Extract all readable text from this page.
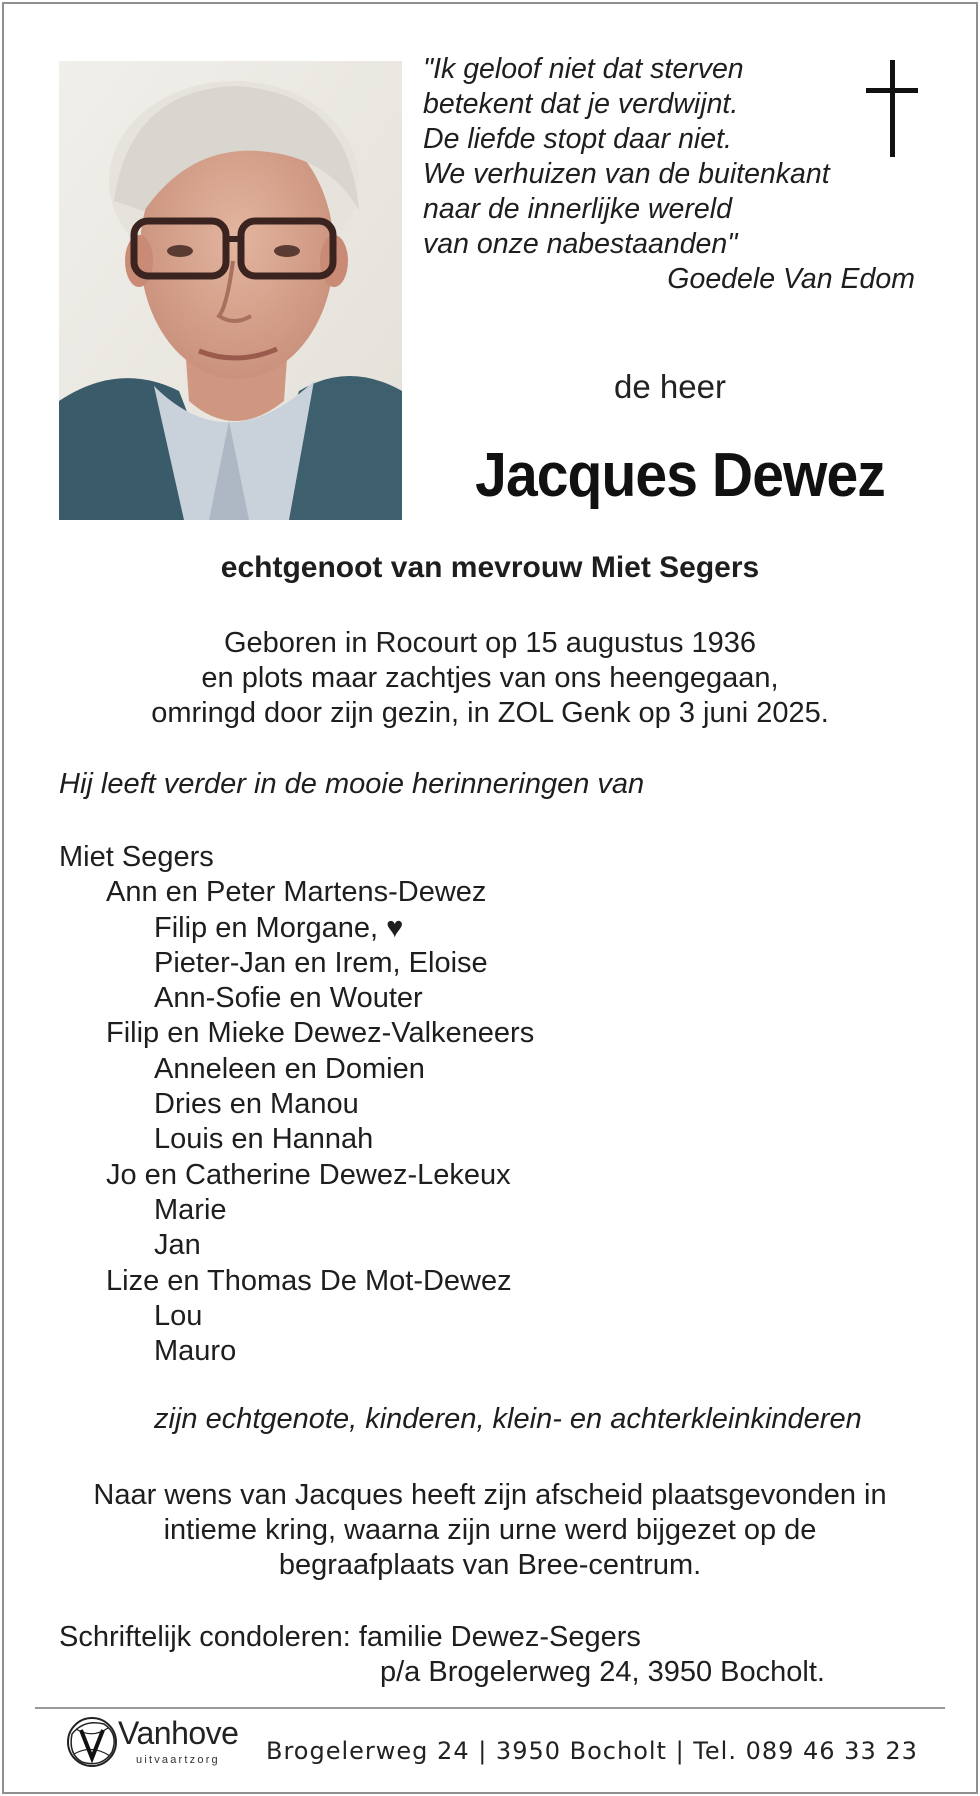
"Ik geloof niet dat sterven
betekent dat je verdwijnt.
De liefde stopt daar niet.
We verhuizen van de buitenkant
naar de innerlijke wereld
van onze nabestaanden"
Goedele Van Edom
de heer
Jacques Dewez
echtgenoot van mevrouw Miet Segers
Geboren in Rocourt op 15 augustus 1936
en plots maar zachtjes van ons heengegaan,
omringd door zijn gezin, in ZOL Genk op 3 juni 2025.
Hij leeft verder in de mooie herinneringen van
Miet Segers
Ann en Peter Martens-Dewez
Filip en Morgane, ♥
Pieter-Jan en Irem, Eloise
Ann-Sofie en Wouter
Filip en Mieke Dewez-Valkeneers
Anneleen en Domien
Dries en Manou
Louis en Hannah
Jo en Catherine Dewez-Lekeux
Marie
Jan
Lize en Thomas De Mot-Dewez
Lou
Mauro
zijn echtgenote, kinderen, klein- en achterkleinkinderen
Naar wens van Jacques heeft zijn afscheid plaatsgevonden in
intieme kring, waarna zijn urne werd bijgezet op de
begraafplaats van Bree-centrum.
Schriftelijk condoleren: familie Dewez-Segers
p/a Brogelerweg 24, 3950 Bocholt.
Vanhove
uitvaartzorg Brogelerweg 24 | 3950 Bocholt | Tel. 089 46 33 23
